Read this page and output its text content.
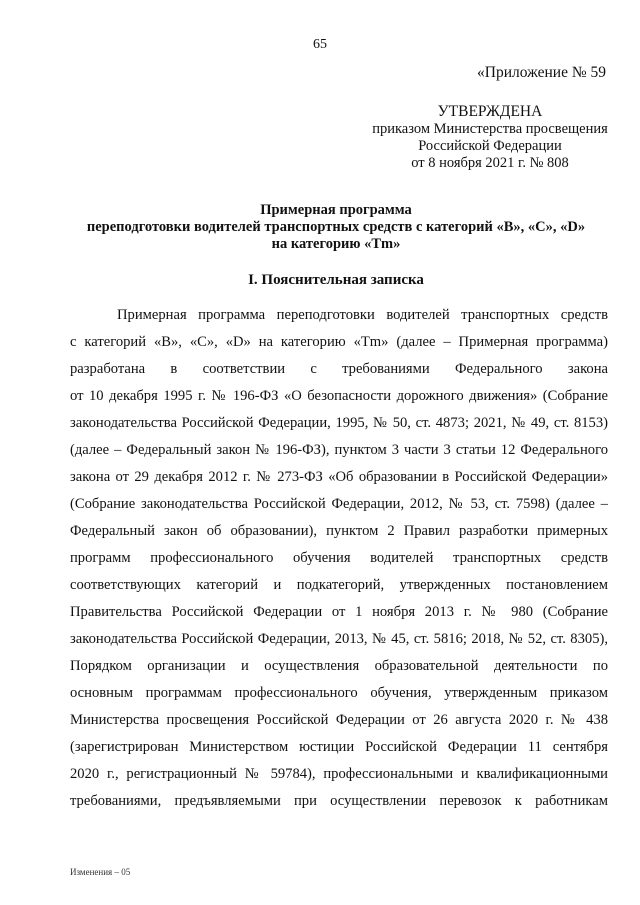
65
«Приложение № 59
УТВЕРЖДЕНА
приказом Министерства просвещения
Российской Федерации
от 8 ноября 2021 г. № 808
Примерная программа
переподготовки водителей транспортных средств с категорий «B», «C», «D»
на категорию «Tm»
I. Пояснительная записка
Примерная программа переподготовки водителей транспортных средств
с категорий «B», «C», «D» на категорию «Tm» (далее – Примерная программа)
разработана в соответствии с требованиями Федерального закона
от 10 декабря 1995 г. № 196-ФЗ «О безопасности дорожного движения» (Собрание
законодательства Российской Федерации, 1995, № 50, ст. 4873; 2021, № 49, ст. 8153)
(далее – Федеральный закон № 196-ФЗ), пунктом 3 части 3 статьи 12 Федерального
закона от 29 декабря 2012 г. № 273-ФЗ «Об образовании в Российской Федерации»
(Собрание законодательства Российской Федерации, 2012, № 53, ст. 7598) (далее –
Федеральный закон об образовании), пунктом 2 Правил разработки примерных
программ профессионального обучения водителей транспортных средств
соответствующих категорий и подкатегорий, утвержденных постановлением
Правительства Российской Федерации от 1 ноября 2013 г. № 980 (Собрание
законодательства Российской Федерации, 2013, № 45, ст. 5816; 2018, № 52, ст. 8305),
Порядком организации и осуществления образовательной деятельности по
основным программам профессионального обучения, утвержденным приказом
Министерства просвещения Российской Федерации от 26 августа 2020 г. № 438
(зарегистрирован Министерством юстиции Российской Федерации 11 сентября
2020 г., регистрационный № 59784), профессиональными и квалификационными
требованиями, предъявляемыми при осуществлении перевозок к работникам
Изменения – 05
